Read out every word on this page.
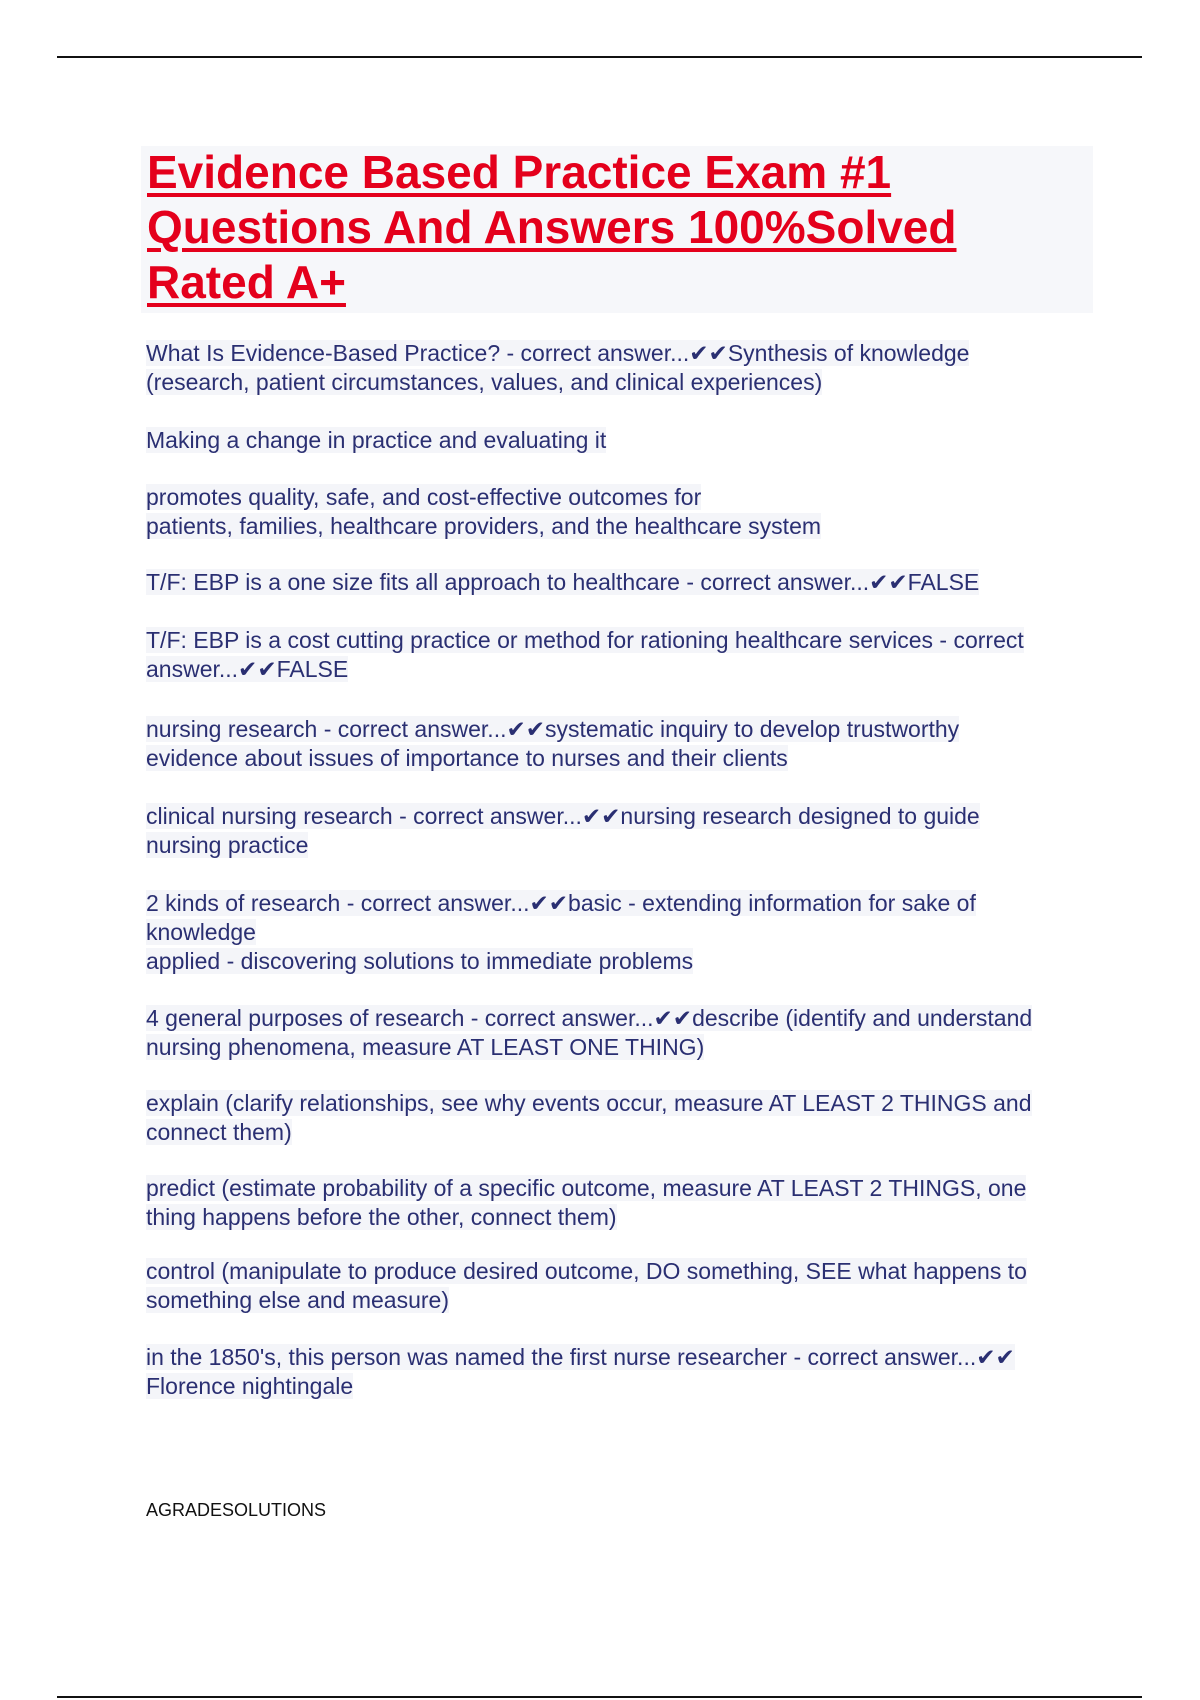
Evidence Based Practice Exam #1
Questions And Answers 100%Solved
Rated A+
What Is Evidence-Based Practice? - correct answer...✔✔Synthesis of knowledge
(research, patient circumstances, values, and clinical experiences)
Making a change in practice and evaluating it
promotes quality, safe, and cost-effective outcomes for
patients, families, healthcare providers, and the healthcare system
T/F: EBP is a one size fits all approach to healthcare - correct answer...✔✔FALSE
T/F: EBP is a cost cutting practice or method for rationing healthcare services - correct
answer...✔✔FALSE
nursing research - correct answer...✔✔systematic inquiry to develop trustworthy
evidence about issues of importance to nurses and their clients
clinical nursing research - correct answer...✔✔nursing research designed to guide
nursing practice
2 kinds of research - correct answer...✔✔basic - extending information for sake of
knowledge
applied - discovering solutions to immediate problems
4 general purposes of research - correct answer...✔✔describe (identify and understand
nursing phenomena, measure AT LEAST ONE THING)
explain (clarify relationships, see why events occur, measure AT LEAST 2 THINGS and
connect them)
predict (estimate probability of a specific outcome, measure AT LEAST 2 THINGS, one
thing happens before the other, connect them)
control (manipulate to produce desired outcome, DO something, SEE what happens to
something else and measure)
in the 1850's, this person was named the first nurse researcher - correct answer...✔✔
Florence nightingale
AGRADESOLUTIONS
